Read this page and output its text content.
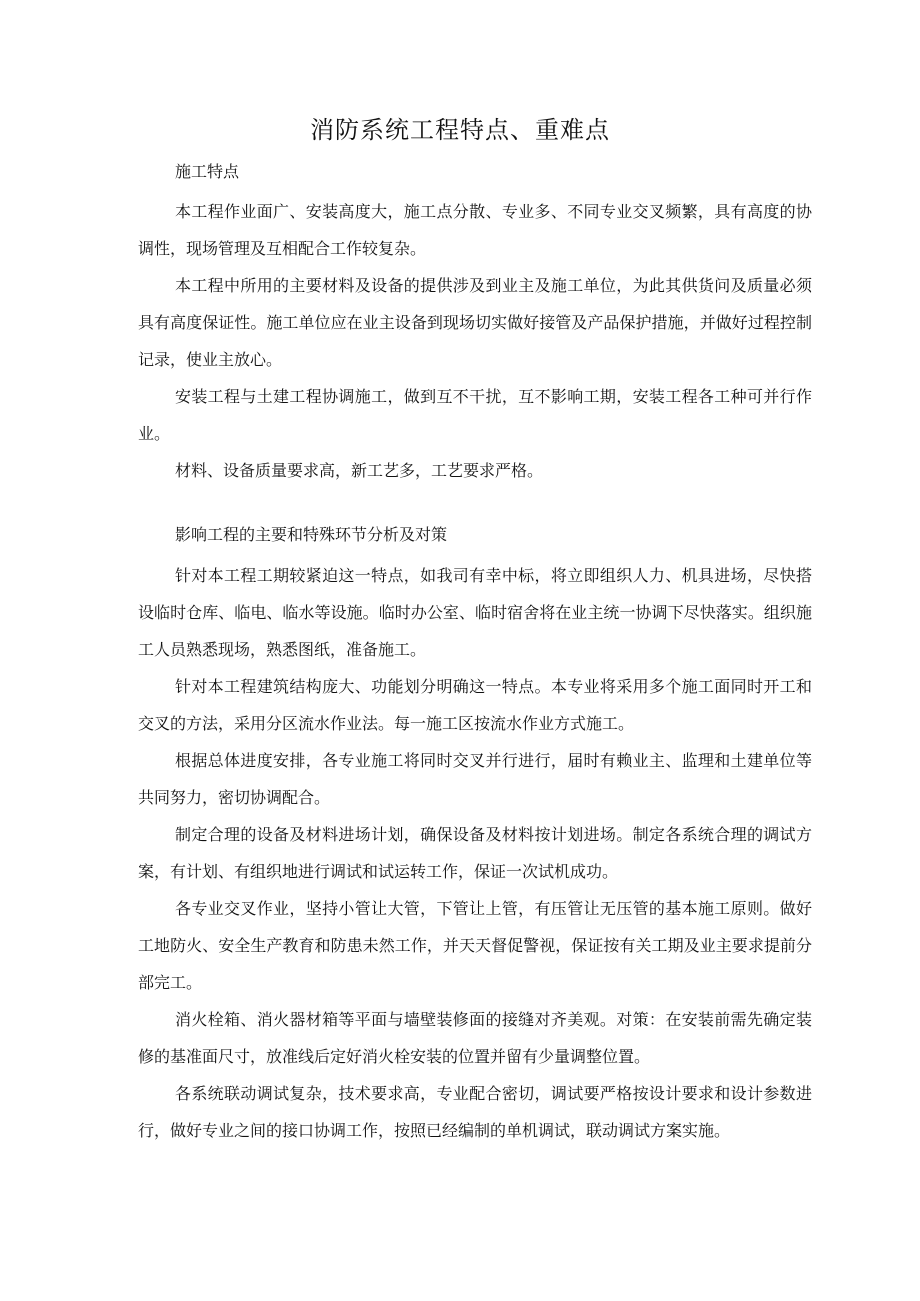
消防系统工程特点、重难点

施工特点

本工程作业面广、安装高度大，施工点分散、专业多、不同专业交叉频繁，具有高度的协调性，现场管理及互相配合工作较复杂。

本工程中所用的主要材料及设备的提供涉及到业主及施工单位，为此其供货问及质量必须具有高度保证性。施工单位应在业主设备到现场切实做好接管及产品保护措施，并做好过程控制记录，使业主放心。

安装工程与土建工程协调施工，做到互不干扰，互不影响工期，安装工程各工种可并行作业。

材料、设备质量要求高，新工艺多，工艺要求严格。

影响工程的主要和特殊环节分析及对策

针对本工程工期较紧迫这一特点，如我司有幸中标，将立即组织人力、机具进场，尽快搭设临时仓库、临电、临水等设施。临时办公室、临时宿舍将在业主统一协调下尽快落实。组织施工人员熟悉现场，熟悉图纸，准备施工。

针对本工程建筑结构庞大、功能划分明确这一特点。本专业将采用多个施工面同时开工和交叉的方法，采用分区流水作业法。每一施工区按流水作业方式施工。

根据总体进度安排，各专业施工将同时交叉并行进行，届时有赖业主、监理和土建单位等共同努力，密切协调配合。

制定合理的设备及材料进场计划，确保设备及材料按计划进场。制定各系统合理的调试方案，有计划、有组织地进行调试和试运转工作，保证一次试机成功。

各专业交叉作业，坚持小管让大管，下管让上管，有压管让无压管的基本施工原则。做好工地防火、安全生产教育和防患未然工作，并天天督促警视，保证按有关工期及业主要求提前分部完工。

消火栓箱、消火器材箱等平面与墙壁装修面的接缝对齐美观。对策：在安装前需先确定装修的基准面尺寸，放准线后定好消火栓安装的位置并留有少量调整位置。

各系统联动调试复杂，技术要求高，专业配合密切，调试要严格按设计要求和设计参数进行，做好专业之间的接口协调工作，按照已经编制的单机调试，联动调试方案实施。
